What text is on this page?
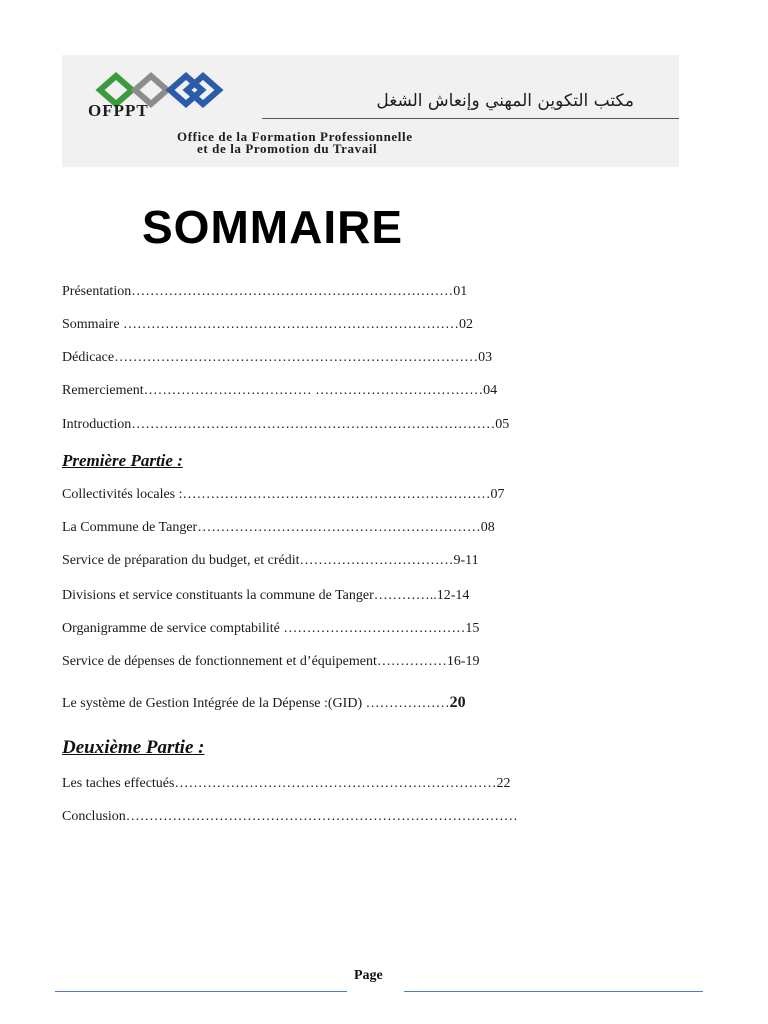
OFPPT	مكتب التكوين المهني وإنعاش الشغل
Office de la Formation Professionnelle
et de la Promotion du Travail
SOMMAIRE
Présentation……………………………………………………………01
Sommaire ………………………………………………………………02
Dédicace……………………………………………………………………03
Remerciement……………………………… ………………………………04
Introduction……………………………………………………………………05
Première Partie :
Collectivités locales :…………………………………………………………07
La Commune de Tanger…………………….………………………………08
Service de préparation du budget, et crédit……………………………9-11
Divisions et service constituants la commune de Tanger…………..12-14
Organigramme de service comptabilité …………………………………15
Service de dépenses de fonctionnement et d’équipement……………16-19
Le système de Gestion Intégrée de la Dépense :(GID) ………………20
Deuxième Partie :
Les taches effectués……………………………………………………………22
Conclusion…………………………………………………………………………
Page
